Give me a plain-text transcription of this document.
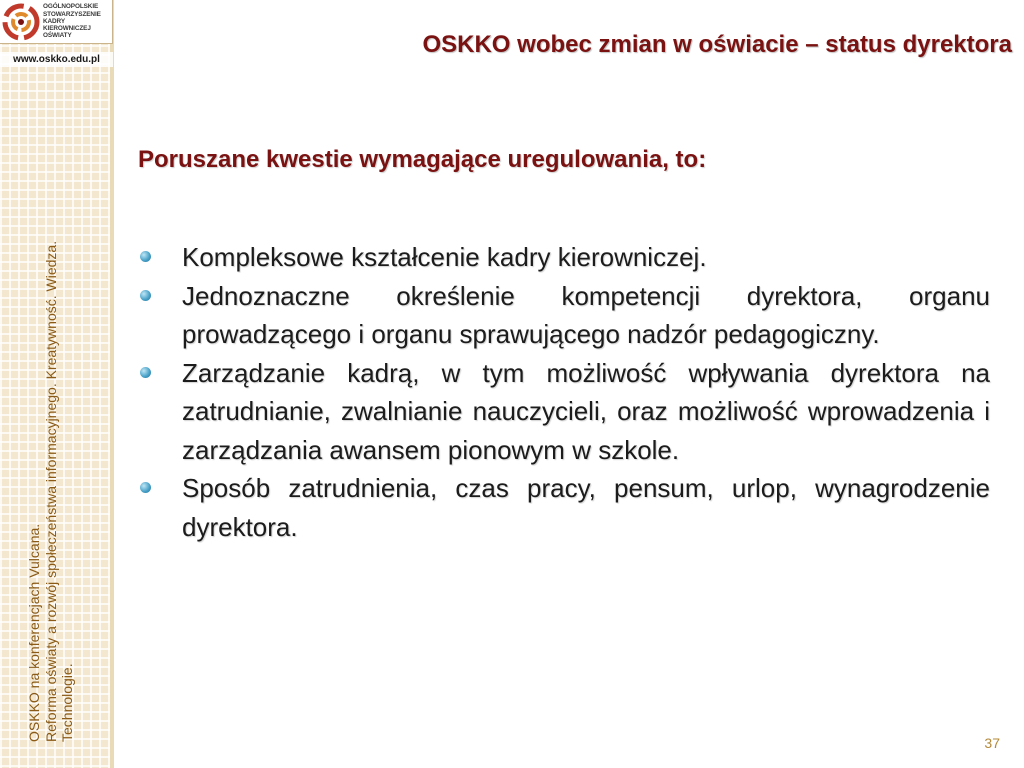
OGÓLNOPOLSKIE
STOWARZYSZENIE
KADRY
KIEROWNICZEJ
OŚWIATY
www.oskko.edu.pl
OSKKO na konferencjach Vulcana. Reforma oświaty a rozwój społeczeństwa informacyjnego. Kreatywność. Wiedza. Technologie.
OSKKO wobec zmian w oświacie – status dyrektora
Poruszane kwestie wymagające uregulowania, to:
Kompleksowe kształcenie kadry kierowniczej.
Jednoznaczne określenie kompetencji dyrektora, organu prowadzącego i organu sprawującego nadzór pedagogiczny.
Zarządzanie kadrą, w tym możliwość wpływania dyrektora na zatrudnianie, zwalnianie nauczycieli, oraz możliwość wprowadzenia i zarządzania awansem pionowym w szkole.
Sposób zatrudnienia, czas pracy, pensum, urlop, wynagrodzenie dyrektora.
37
